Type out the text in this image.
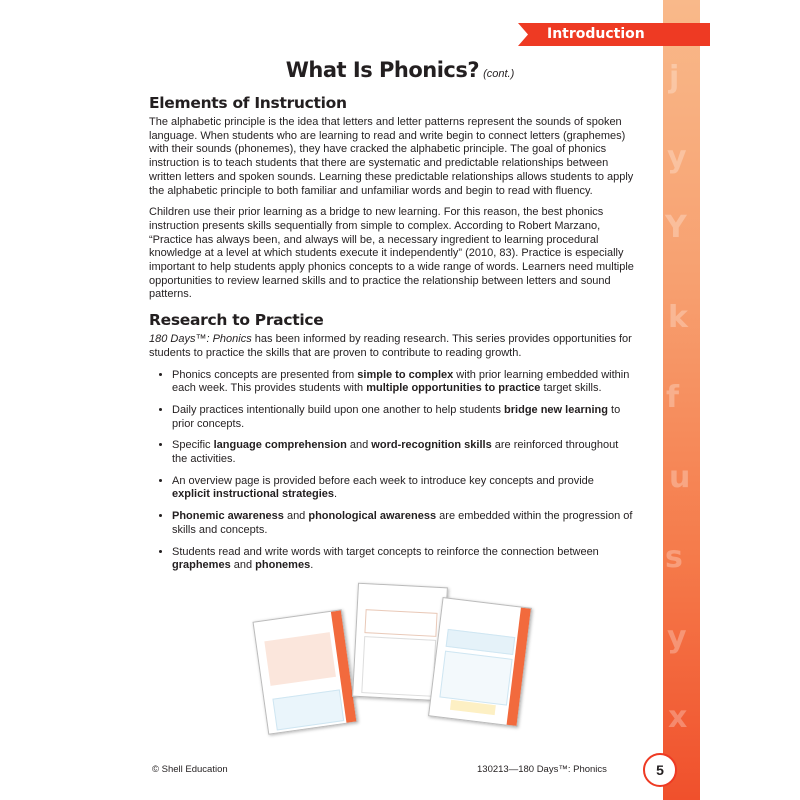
j
y
Y
k
f
u
s
y
x
Introduction
What Is Phonics? (cont.)
Elements of Instruction

The alphabetic principle is the idea that letters and letter patterns represent the sounds of spoken language. When students who are learning to read and write begin to connect letters (graphemes) with their sounds (phonemes), they have cracked the alphabetic principle. The goal of phonics instruction is to teach students that there are systematic and predictable relationships between written letters and spoken sounds. Learning these predictable relationships allows students to apply the alphabetic principle to both familiar and unfamiliar words and begin to read with fluency.

Children use their prior learning as a bridge to new learning. For this reason, the best phonics instruction presents skills sequentially from simple to complex. According to Robert Marzano, “Practice has always been, and always will be, a necessary ingredient to learning procedural knowledge at a level at which students execute it independently” (2010, 83). Practice is especially important to help students apply phonics concepts to a wide range of words. Learners need multiple opportunities to review learned skills and to practice the relationship between letters and sound patterns.

Research to Practice

180 Days™: Phonics has been informed by reading research. This series provides opportunities for students to practice the skills that are proven to contribute to reading growth.

• Phonics concepts are presented from simple to complex with prior learning embedded within each week. This provides students with multiple opportunities to practice target skills.
• Daily practices intentionally build upon one another to help students bridge new learning to prior concepts.
• Specific language comprehension and word-recognition skills are reinforced throughout the activities.
• An overview page is provided before each week to introduce key concepts and provide explicit instructional strategies.
• Phonemic awareness and phonological awareness are embedded within the progression of skills and concepts.
• Students read and write words with target concepts to reinforce the connection between graphemes and phonemes.
© Shell Education	130213—180 Days™: Phonics	5
